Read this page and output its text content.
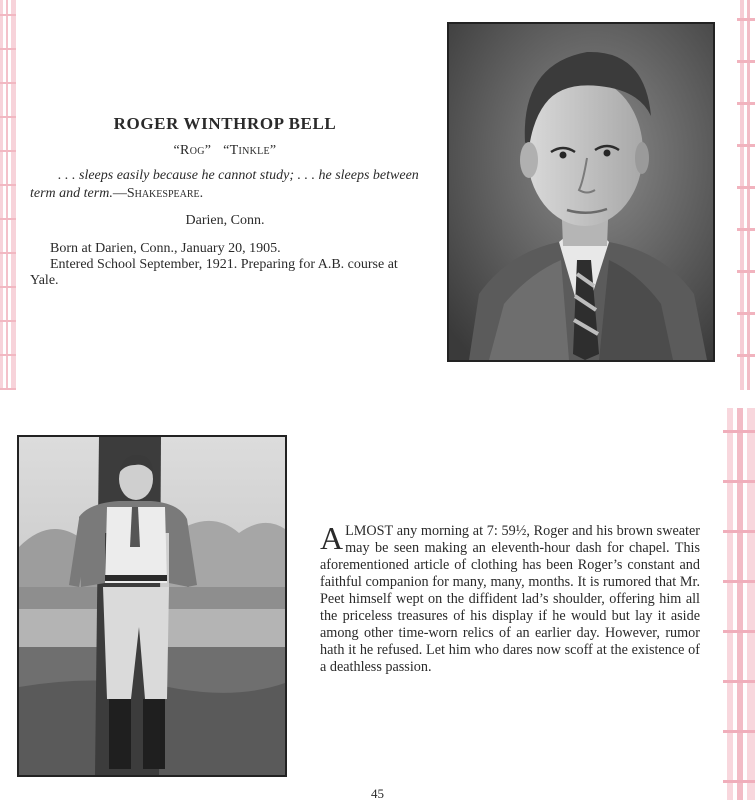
ROGER WINTHROP BELL
“Rog” “Tinkle”
. . . sleeps easily because he cannot study; . . . he sleeps between term and term.—Shakespeare.
Darien, Conn.
Born at Darien, Conn., January 20, 1905.
Entered School September, 1921. Preparing for A.B. course at Yale.
ALMOST any morning at 7: 59½, Roger and his brown sweater may be seen making an eleventh-hour dash for chapel. This aforementioned article of clothing has been Roger’s constant and faithful companion for many, many, months. It is rumored that Mr. Peet himself wept on the diffident lad’s shoulder, offering him all the priceless treasures of his display if he would but lay it aside among other time-worn relics of an earlier day. However, rumor hath it he refused. Let him who dares now scoff at the existence of a deathless passion.
45
